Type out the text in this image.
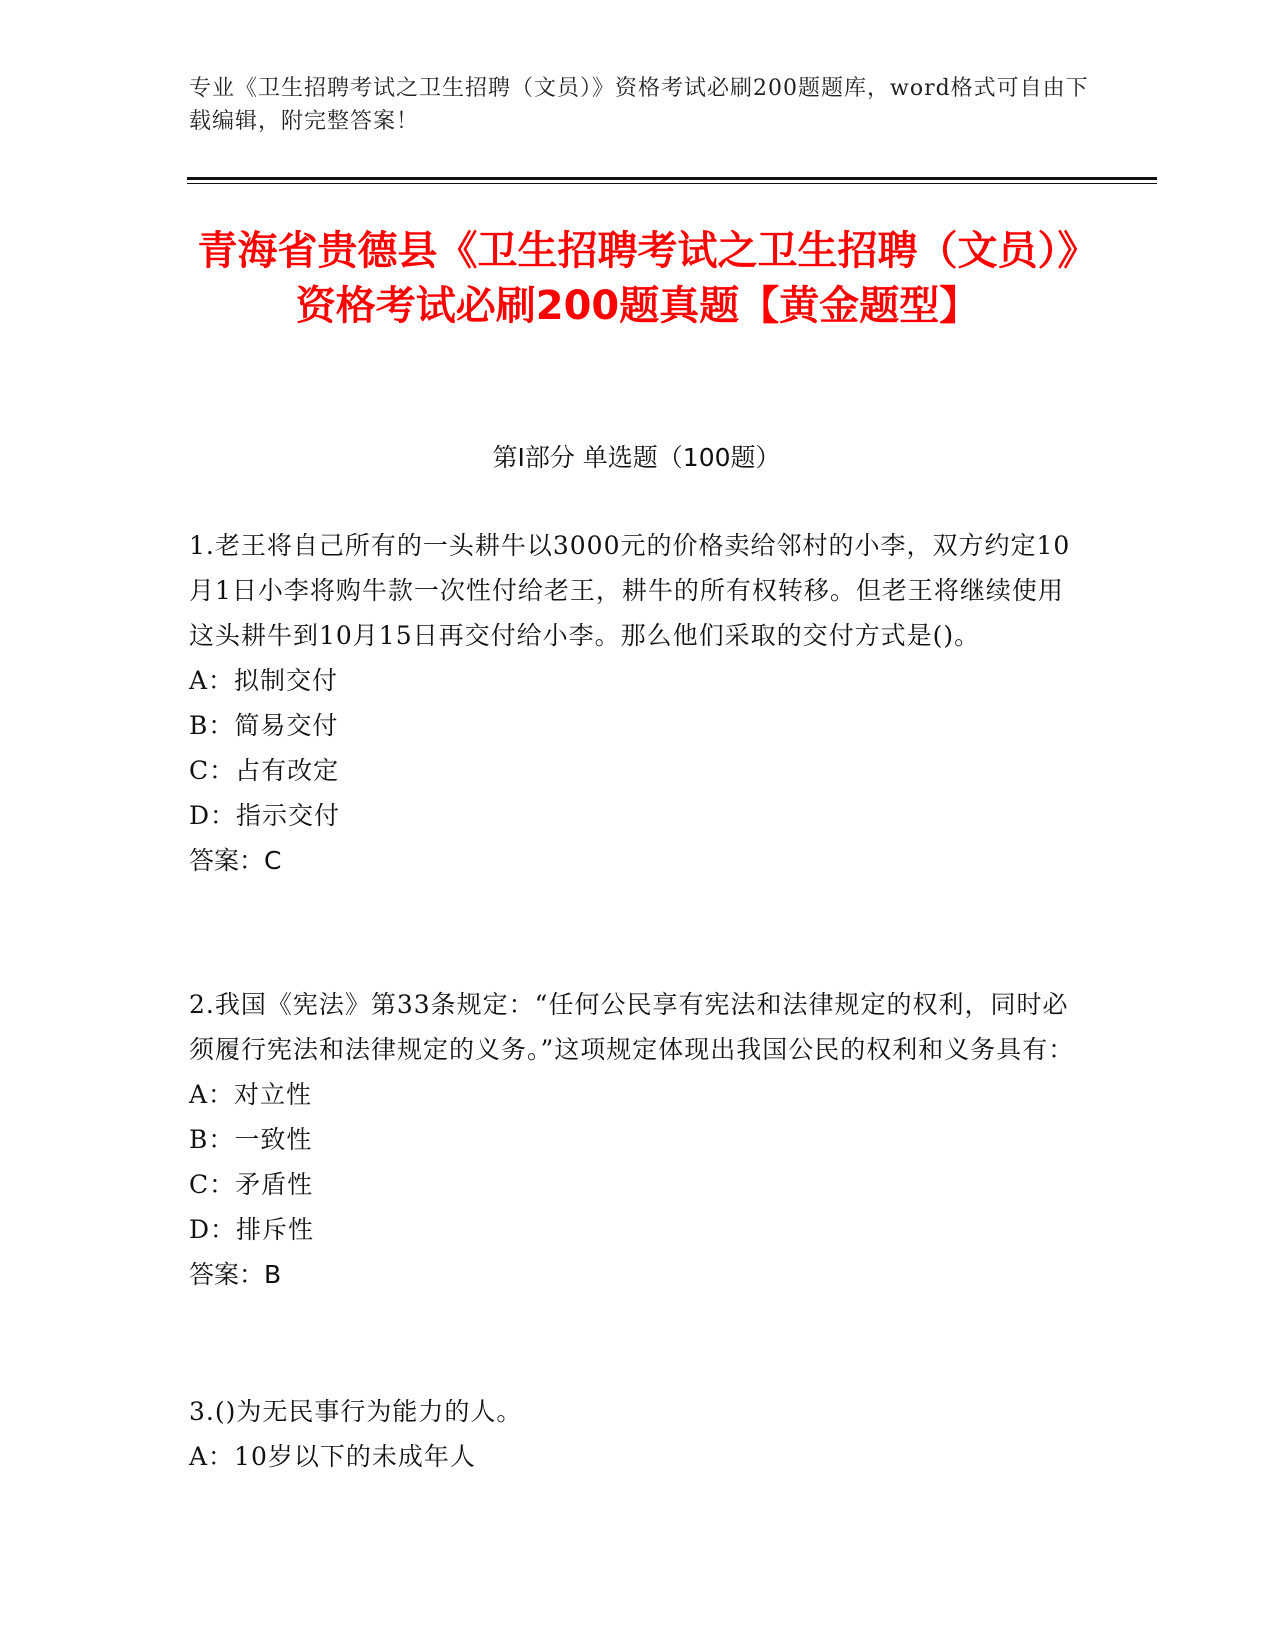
专业《卫生招聘考试之卫生招聘（文员）》资格考试必刷200题题库，word格式可自由下载编辑，附完整答案！
青海省贵德县《卫生招聘考试之卫生招聘（文员）》资格考试必刷200题真题【黄金题型】
第I部分 单选题（100题）
1.老王将自己所有的一头耕牛以3000元的价格卖给邻村的小李，双方约定10月1日小李将购牛款一次性付给老王，耕牛的所有权转移。但老王将继续使用这头耕牛到10月15日再交付给小李。那么他们采取的交付方式是()。
A：拟制交付
B：简易交付
C：占有改定
D：指示交付
答案：C
2.我国《宪法》第33条规定：“任何公民享有宪法和法律规定的权利，同时必须履行宪法和法律规定的义务。”这项规定体现出我国公民的权利和义务具有：
A：对立性
B：一致性
C：矛盾性
D：排斥性
答案：B
3.()为无民事行为能力的人。
A：10岁以下的未成年人
